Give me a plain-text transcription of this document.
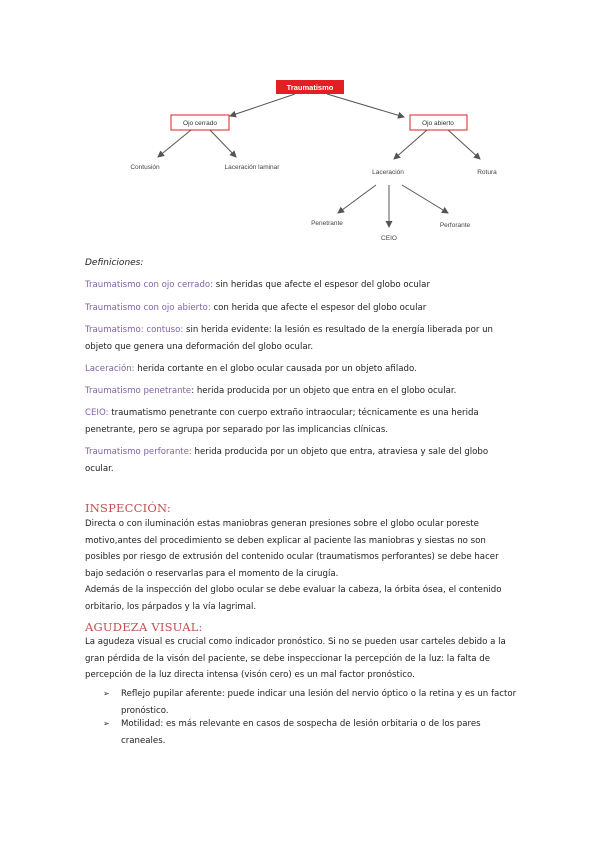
Traumatismo
Ojo cerrado	Ojo abierto
Contusión	Laceración laminar
Laceración	Rotura
Penetrante
CEIO
Perforante
Definiciones:
Traumatismo con ojo cerrado: sin heridas que afecte el espesor del globo ocular
Traumatismo con ojo abierto: con herida que afecte el espesor del globo ocular
Traumatismo: contuso: sin herida evidente: la lesión es resultado de la energía liberada por un objeto que genera una deformación del globo ocular.
Laceración: herida cortante en el globo ocular causada por un objeto afilado.
Traumatismo penetrante: herida producida por un objeto que entra en el globo ocular.
CEIO: traumatismo penetrante con cuerpo extraño intraocular; técnicamente es una herida penetrante, pero se agrupa por separado por las implicancias clínicas.
Traumatismo perforante: herida producida por un objeto que entra, atraviesa y sale del globo ocular.
INSPECCIÓN:
Directa o con iluminación estas maniobras generan presiones sobre el globo ocular poreste motivo,antes del procedimiento se deben explicar al paciente las maniobras y siestas no son posibles por riesgo de extrusión del contenido ocular (traumatismos perforantes) se debe hacer bajo sedación o reservarlas para el momento de la cirugía.
Además de la inspección del globo ocular se debe evaluar la cabeza, la órbita ósea, el contenido orbitario, los párpados y la vía lagrimal.
AGUDEZA VISUAL:
La agudeza visual es crucial como indicador pronóstico. Si no se pueden usar carteles debido a la gran pérdida de la visón del paciente, se debe inspeccionar la percepción de la luz: la falta de percepción de la luz directa intensa (visón cero) es un mal factor pronóstico.
➢	Reflejo pupilar aferente: puede indicar una lesión del nervio óptico o la retina y es un factor pronóstico.
➢	Motilidad: es más relevante en casos de sospecha de lesión orbitaria o de los pares craneales.
